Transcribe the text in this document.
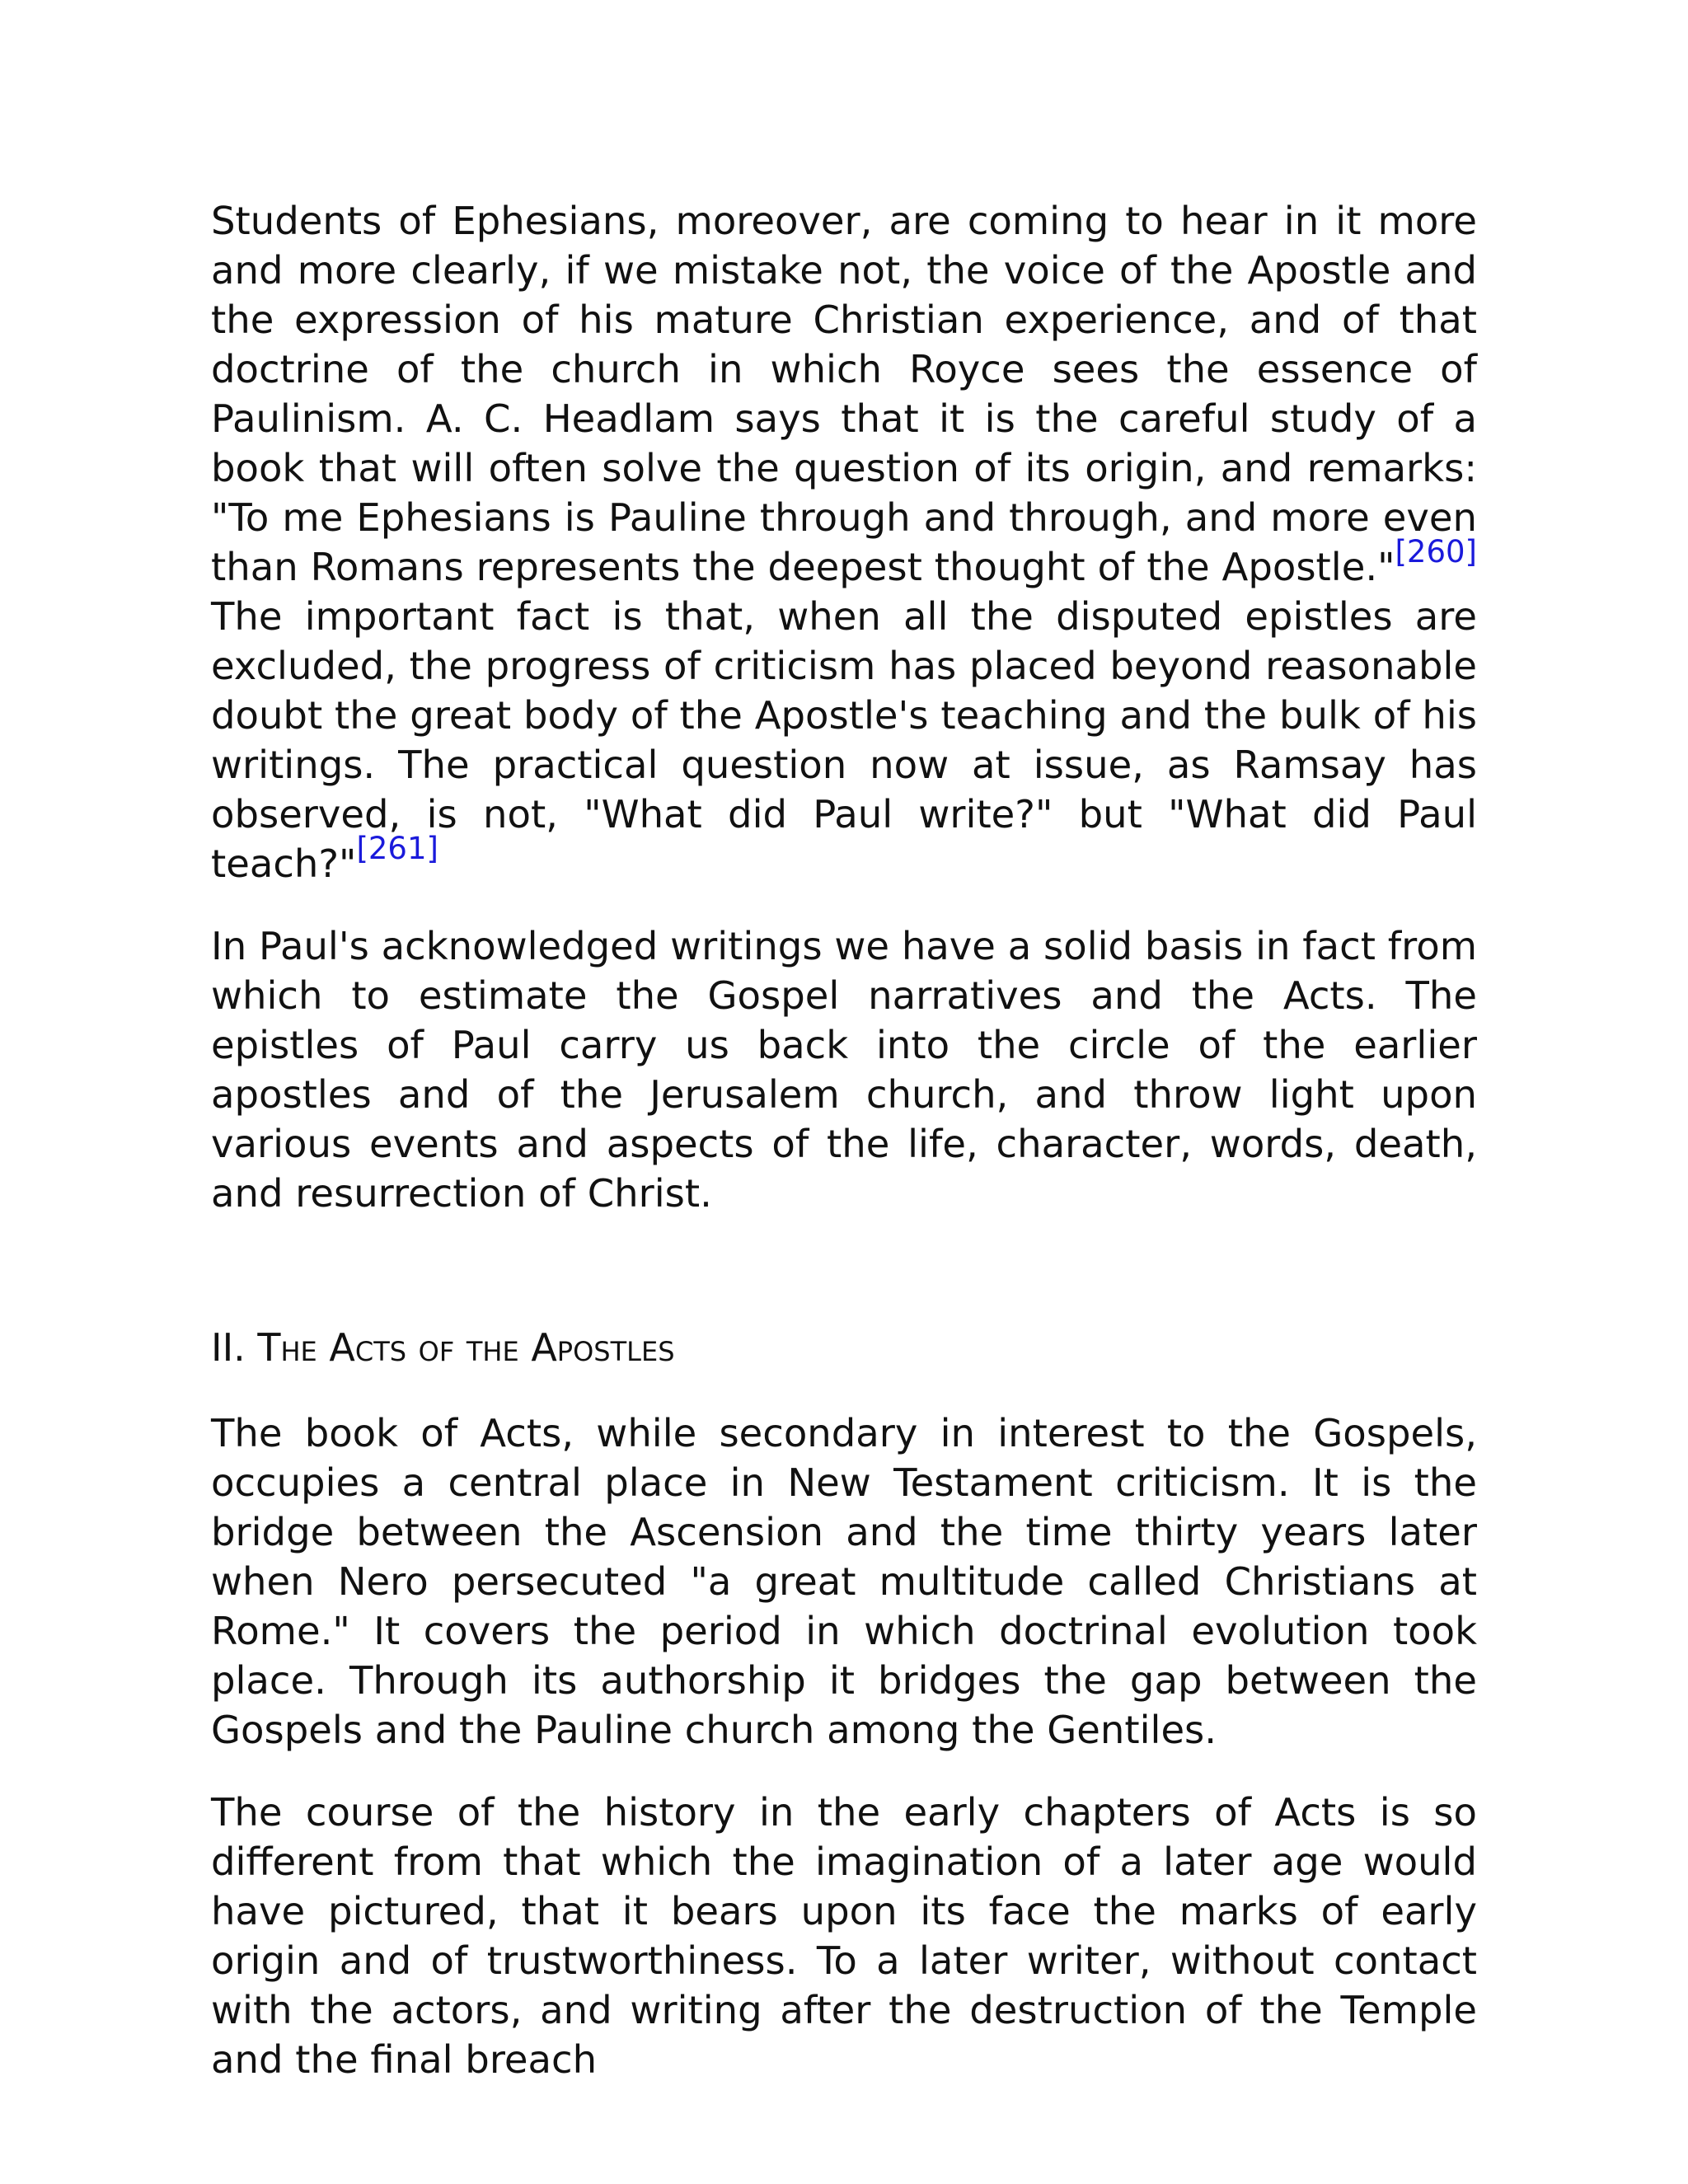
Students of Ephesians, moreover, are coming to hear in it more and more clearly, if we mistake not, the voice of the Apostle and the expression of his mature Christian experience, and of that doctrine of the church in which Royce sees the essence of Paulinism. A. C. Headlam says that it is the careful study of a book that will often solve the question of its origin, and remarks: "To me Ephesians is Pauline through and through, and more even than Romans represents the deepest thought of the Apostle."[260] The important fact is that, when all the disputed epistles are excluded, the progress of criticism has placed beyond reasonable doubt the great body of the Apostle's teaching and the bulk of his writings. The practical question now at issue, as Ramsay has observed, is not, "What did Paul write?" but "What did Paul teach?"[261]

In Paul's acknowledged writings we have a solid basis in fact from which to estimate the Gospel narratives and the Acts. The epistles of Paul carry us back into the circle of the earlier apostles and of the Jerusalem church, and throw light upon various events and aspects of the life, character, words, death, and resurrection of Christ.

II. The Acts of the Apostles

The book of Acts, while secondary in interest to the Gospels, occupies a central place in New Testament criticism. It is the bridge between the Ascension and the time thirty years later when Nero persecuted "a great multitude called Christians at Rome." It covers the period in which doctrinal evolution took place. Through its authorship it bridges the gap between the Gospels and the Pauline church among the Gentiles.

The course of the history in the early chapters of Acts is so different from that which the imagination of a later age would have pictured, that it bears upon its face the marks of early origin and of trustworthiness. To a later writer, without contact with the actors, and writing after the destruction of the Temple and the final breach
